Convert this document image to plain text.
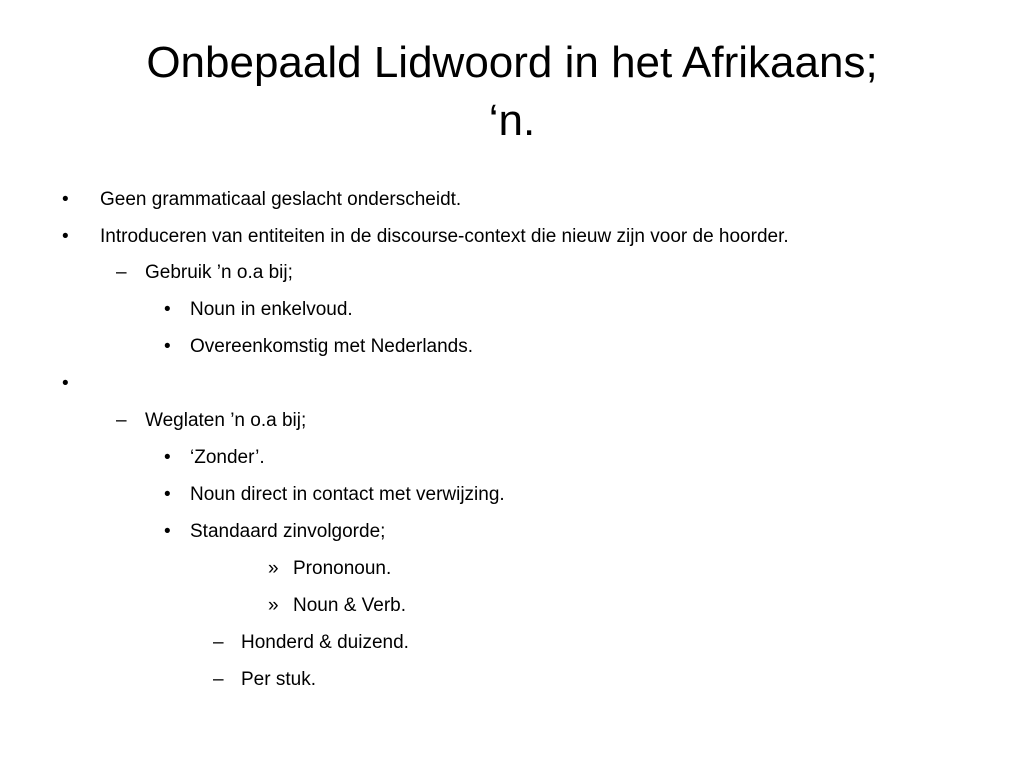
Onbepaald Lidwoord in het Afrikaans;
‘n.
• Geen grammaticaal geslacht onderscheidt.
• Introduceren van entiteiten in de discourse-context die nieuw zijn voor de hoorder.
– Gebruik ’n o.a bij;
• Noun in enkelvoud.
• Overeenkomstig met Nederlands.
•
– Weglaten ’n o.a bij;
• ‘Zonder’.
• Noun direct in contact met verwijzing.
• Standaard zinvolgorde;
» Prononoun.
» Noun & Verb.
– Honderd & duizend.
– Per stuk.
